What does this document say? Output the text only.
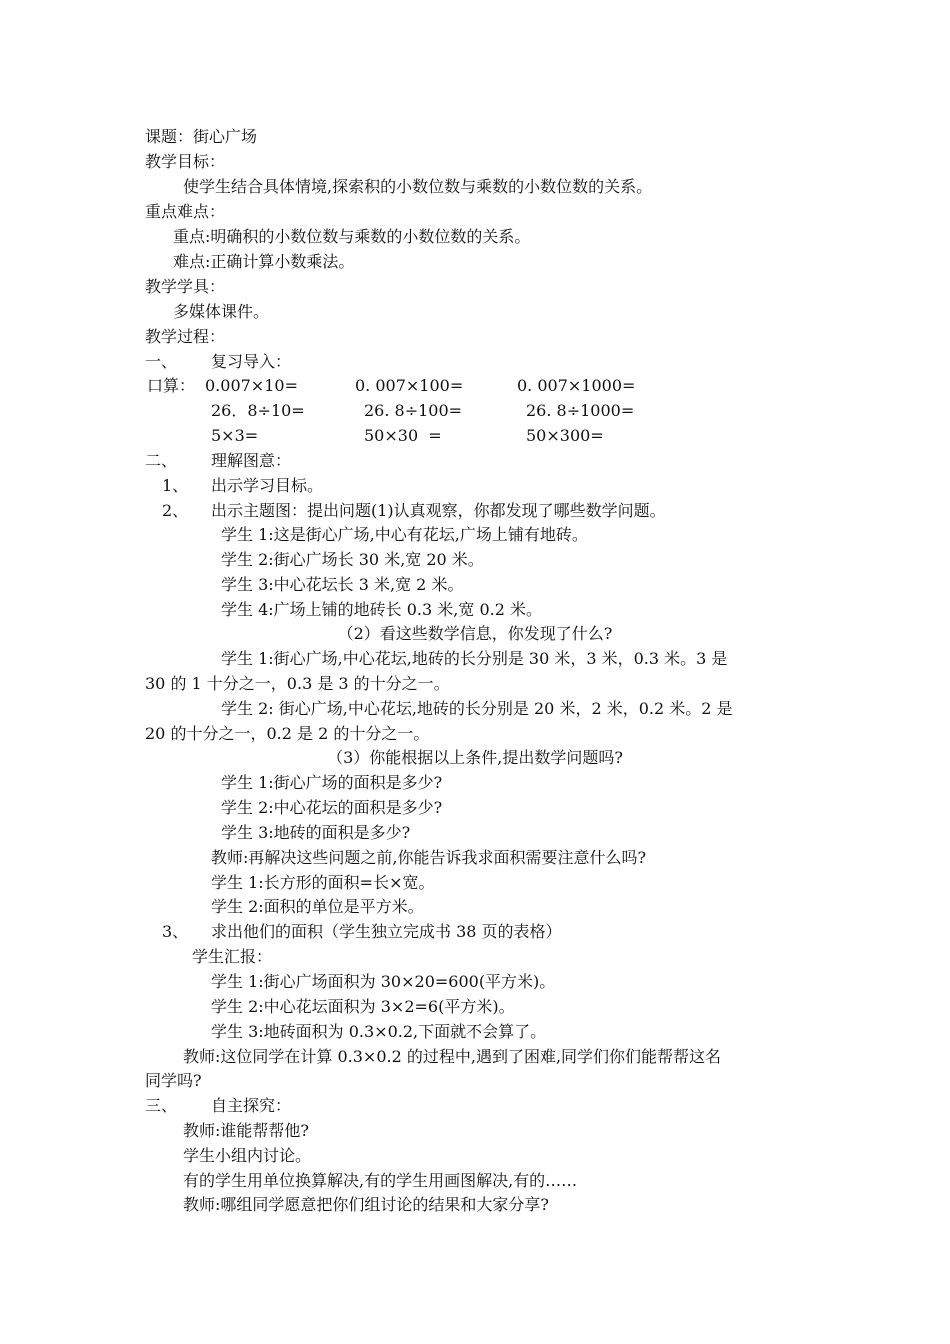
课题：街心广场
教学目标：
使学生结合具体情境,探索积的小数位数与乘数的小数位数的关系。
重点难点：
重点:明确积的小数位数与乘数的小数位数的关系。
难点:正确计算小数乘法。
教学学具：
多媒体课件。
教学过程：
一、 复习导入：
口算： 0.007×10=	0. 007×100=	0. 007×1000=
26．8÷10=	26. 8÷100=	26. 8÷1000=
5×3=	50×30  =	50×300=
二、 理解图意：
1、 出示学习目标。
2、 出示主题图：提出问题(1)认真观察，你都发现了哪些数学问题。
学生 1:这是街心广场,中心有花坛,广场上铺有地砖。
学生 2:街心广场长 30 米,宽 20 米。
学生 3:中心花坛长 3 米,宽 2 米。
学生 4:广场上铺的地砖长 0.3 米,宽 0.2 米。
（2）看这些数学信息，你发现了什么?
学生 1:街心广场,中心花坛,地砖的长分别是 30 米，3 米，0.3 米。3 是
30 的 1 十分之一，0.3 是 3 的十分之一。
学生 2: 街心广场,中心花坛,地砖的长分别是 20 米，2 米，0.2 米。2 是
20 的十分之一，0.2 是 2 的十分之一。
（3）你能根据以上条件,提出数学问题吗?
学生 1:街心广场的面积是多少?
学生 2:中心花坛的面积是多少?
学生 3:地砖的面积是多少?
教师:再解决这些问题之前,你能告诉我求面积需要注意什么吗?
学生 1:长方形的面积=长×宽。
学生 2:面积的单位是平方米。
3、 求出他们的面积（学生独立完成书 38 页的表格）
学生汇报：
学生 1:街心广场面积为 30×20=600(平方米)。
学生 2:中心花坛面积为 3×2=6(平方米)。
学生 3:地砖面积为 0.3×0.2,下面就不会算了。
教师:这位同学在计算 0.3×0.2 的过程中,遇到了困难,同学们你们能帮帮这名
同学吗?
三、 自主探究：
教师:谁能帮帮他?
学生小组内讨论。
有的学生用单位换算解决,有的学生用画图解决,有的……
教师:哪组同学愿意把你们组讨论的结果和大家分享?
